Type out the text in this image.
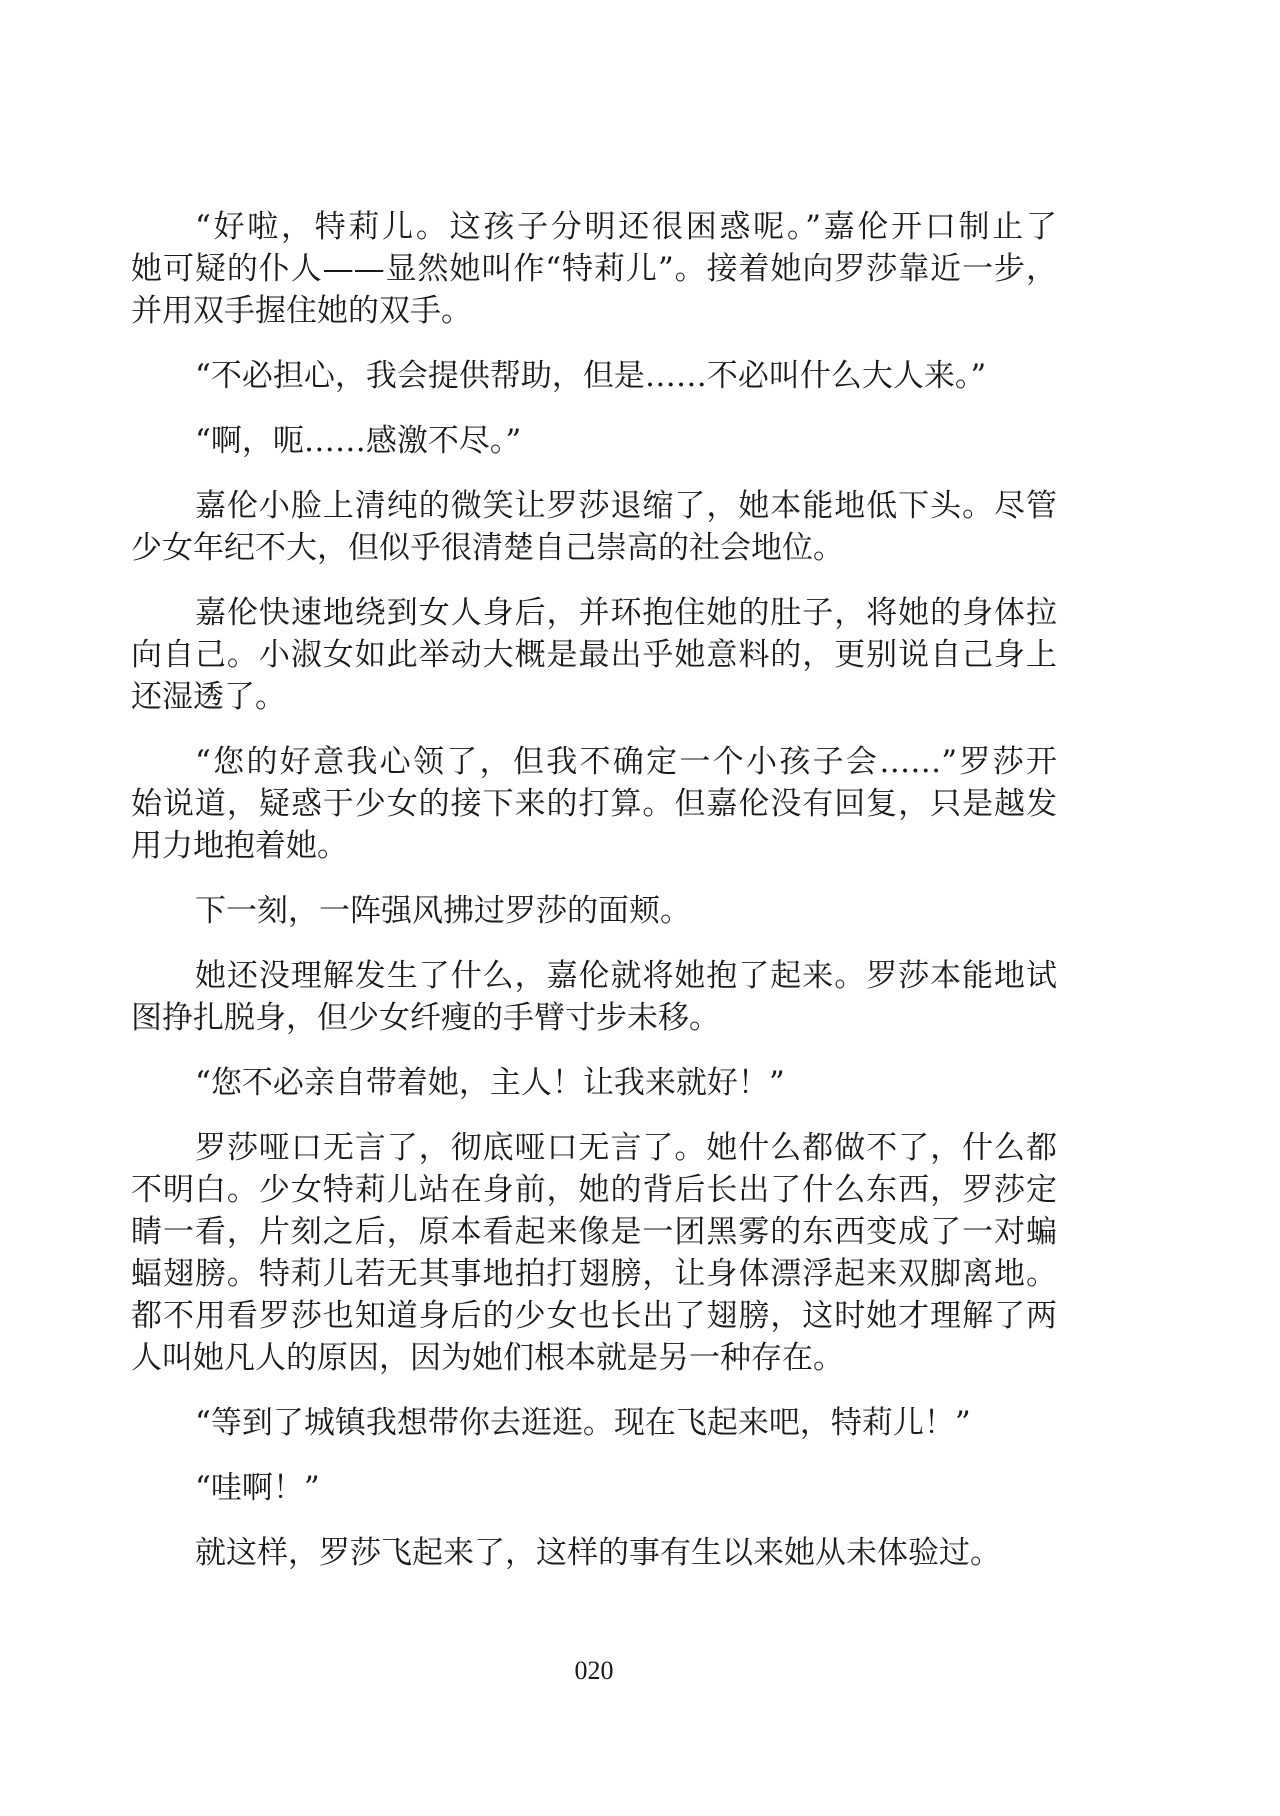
“好啦，特莉儿。这孩子分明还很困惑呢。”嘉伦开口制止了
她可疑的仆人——显然她叫作“特莉儿”。接着她向罗莎靠近一步，
并用双手握住她的双手。
“不必担心，我会提供帮助，但是……不必叫什么大人来。”
“啊，呃……感激不尽。”
嘉伦小脸上清纯的微笑让罗莎退缩了，她本能地低下头。尽管
少女年纪不大，但似乎很清楚自己崇高的社会地位。
嘉伦快速地绕到女人身后，并环抱住她的肚子，将她的身体拉
向自己。小淑女如此举动大概是最出乎她意料的，更别说自己身上
还湿透了。
“您的好意我心领了，但我不确定一个小孩子会……”罗莎开
始说道，疑惑于少女的接下来的打算。但嘉伦没有回复，只是越发
用力地抱着她。
下一刻，一阵强风拂过罗莎的面颊。
她还没理解发生了什么，嘉伦就将她抱了起来。罗莎本能地试
图挣扎脱身，但少女纤瘦的手臂寸步未移。
“您不必亲自带着她，主人！让我来就好！”
罗莎哑口无言了，彻底哑口无言了。她什么都做不了，什么都
不明白。少女特莉儿站在身前，她的背后长出了什么东西，罗莎定
睛一看，片刻之后，原本看起来像是一团黑雾的东西变成了一对蝙
蝠翅膀。特莉儿若无其事地拍打翅膀，让身体漂浮起来双脚离地。
都不用看罗莎也知道身后的少女也长出了翅膀，这时她才理解了两
人叫她凡人的原因，因为她们根本就是另一种存在。
“等到了城镇我想带你去逛逛。现在飞起来吧，特莉儿！”
“哇啊！”
就这样，罗莎飞起来了，这样的事有生以来她从未体验过。
020
